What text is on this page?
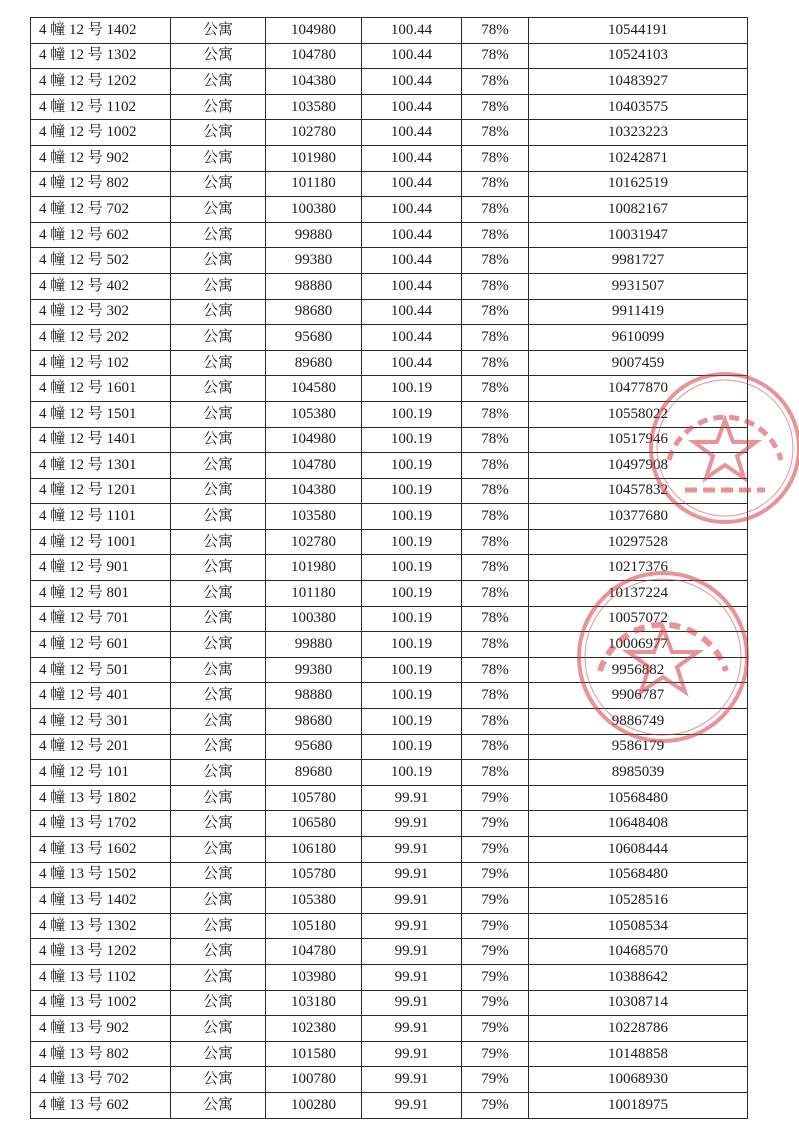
4 幢 12 号 1402	公寓	104980	100.44	78%	10544191
4 幢 12 号 1302	公寓	104780	100.44	78%	10524103
4 幢 12 号 1202	公寓	104380	100.44	78%	10483927
4 幢 12 号 1102	公寓	103580	100.44	78%	10403575
4 幢 12 号 1002	公寓	102780	100.44	78%	10323223
4 幢 12 号 902	公寓	101980	100.44	78%	10242871
4 幢 12 号 802	公寓	101180	100.44	78%	10162519
4 幢 12 号 702	公寓	100380	100.44	78%	10082167
4 幢 12 号 602	公寓	99880	100.44	78%	10031947
4 幢 12 号 502	公寓	99380	100.44	78%	9981727
4 幢 12 号 402	公寓	98880	100.44	78%	9931507
4 幢 12 号 302	公寓	98680	100.44	78%	9911419
4 幢 12 号 202	公寓	95680	100.44	78%	9610099
4 幢 12 号 102	公寓	89680	100.44	78%	9007459
4 幢 12 号 1601	公寓	104580	100.19	78%	10477870
4 幢 12 号 1501	公寓	105380	100.19	78%	10558022
4 幢 12 号 1401	公寓	104980	100.19	78%	10517946
4 幢 12 号 1301	公寓	104780	100.19	78%	10497908
4 幢 12 号 1201	公寓	104380	100.19	78%	10457832
4 幢 12 号 1101	公寓	103580	100.19	78%	10377680
4 幢 12 号 1001	公寓	102780	100.19	78%	10297528
4 幢 12 号 901	公寓	101980	100.19	78%	10217376
4 幢 12 号 801	公寓	101180	100.19	78%	10137224
4 幢 12 号 701	公寓	100380	100.19	78%	10057072
4 幢 12 号 601	公寓	99880	100.19	78%	10006977
4 幢 12 号 501	公寓	99380	100.19	78%	9956882
4 幢 12 号 401	公寓	98880	100.19	78%	9906787
4 幢 12 号 301	公寓	98680	100.19	78%	9886749
4 幢 12 号 201	公寓	95680	100.19	78%	9586179
4 幢 12 号 101	公寓	89680	100.19	78%	8985039
4 幢 13 号 1802	公寓	105780	99.91	79%	10568480
4 幢 13 号 1702	公寓	106580	99.91	79%	10648408
4 幢 13 号 1602	公寓	106180	99.91	79%	10608444
4 幢 13 号 1502	公寓	105780	99.91	79%	10568480
4 幢 13 号 1402	公寓	105380	99.91	79%	10528516
4 幢 13 号 1302	公寓	105180	99.91	79%	10508534
4 幢 13 号 1202	公寓	104780	99.91	79%	10468570
4 幢 13 号 1102	公寓	103980	99.91	79%	10388642
4 幢 13 号 1002	公寓	103180	99.91	79%	10308714
4 幢 13 号 902	公寓	102380	99.91	79%	10228786
4 幢 13 号 802	公寓	101580	99.91	79%	10148858
4 幢 13 号 702	公寓	100780	99.91	79%	10068930
4 幢 13 号 602	公寓	100280	99.91	79%	10018975
